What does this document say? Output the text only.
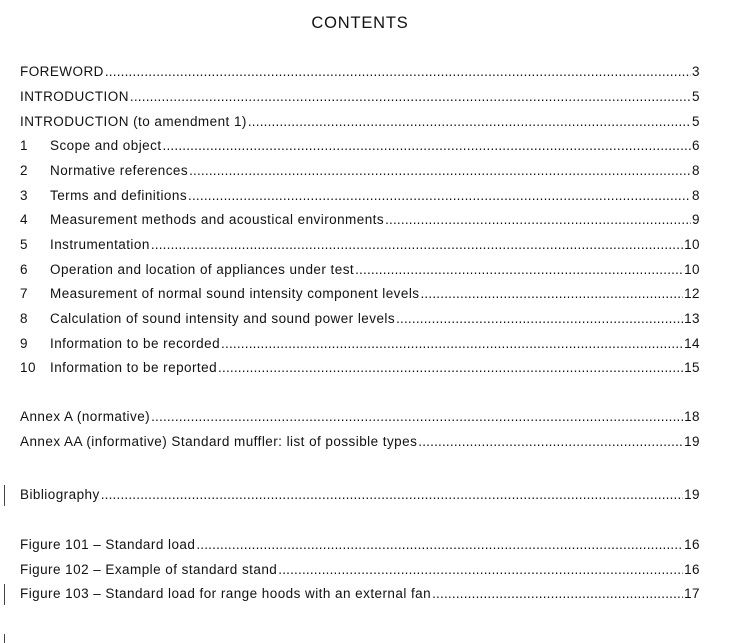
CONTENTS
FOREWORD .....	3
INTRODUCTION .....	5
INTRODUCTION (to amendment 1) .....	5
1	Scope and object .....	6
2	Normative references .....	8
3	Terms and definitions .....	8
4	Measurement methods and acoustical environments .....	9
5	Instrumentation .....	10
6	Operation and location of appliances under test .....	10
7	Measurement of normal sound intensity component levels .....	12
8	Calculation of sound intensity and sound power levels .....	13
9	Information to be recorded .....	14
10	Information to be reported .....	15
Annex A (normative) .....	18
Annex AA (informative) Standard muffler: list of possible types .....	19
Bibliography .....	19
Figure 101 – Standard load .....	16
Figure 102 – Example of standard stand .....	16
Figure 103 – Standard load for range hoods with an external fan .....	17
